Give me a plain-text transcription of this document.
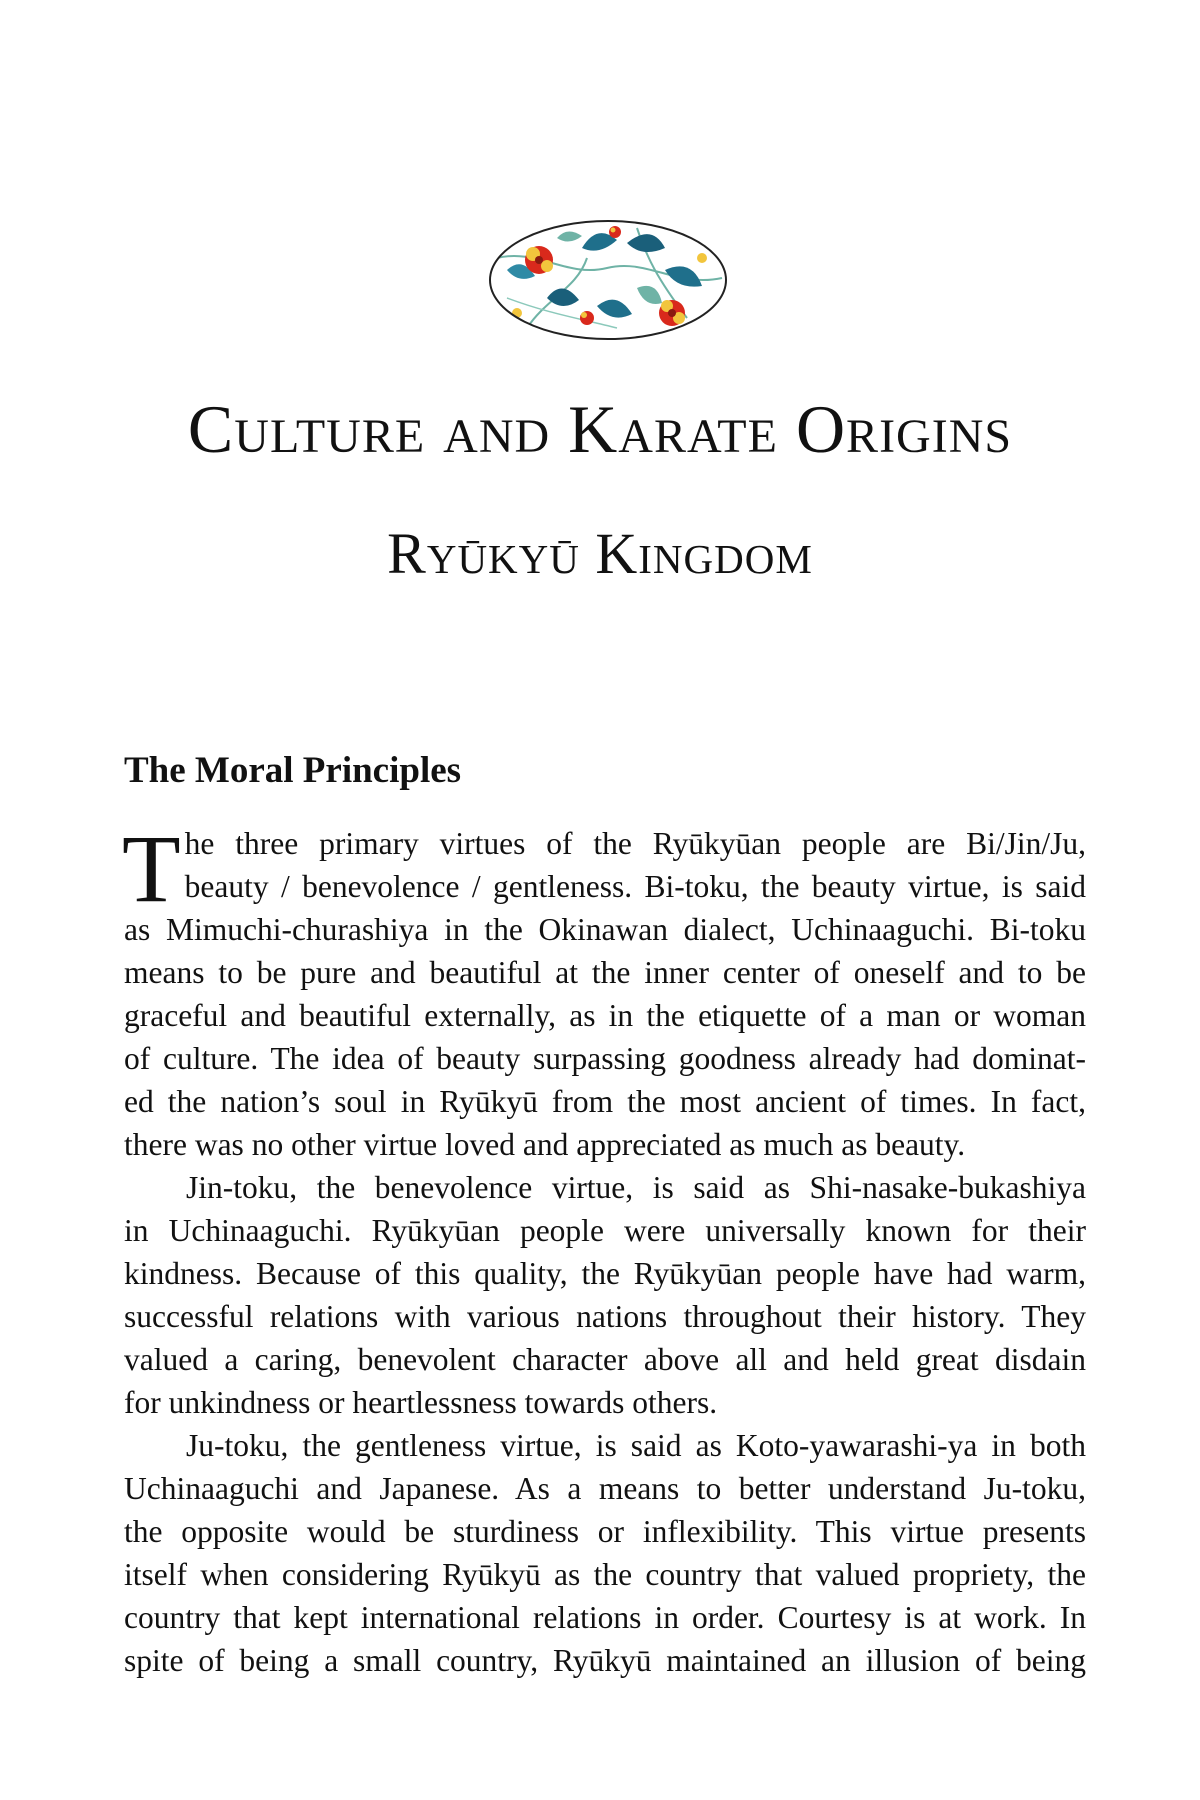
Culture and Karate Origins
Ryūkyū Kingdom
The Moral Principles

T he three primary virtues of the Ryūkyūan people are Bi/Jin/Ju,
beauty / benevolence / gentleness. Bi-toku, the beauty virtue, is said
as Mimuchi-churashiya in the Okinawan dialect, Uchinaaguchi. Bi-toku
means to be pure and beautiful at the inner center of oneself and to be
graceful and beautiful externally, as in the etiquette of a man or woman
of culture. The idea of beauty surpassing goodness already had dominat-
ed the nation’s soul in Ryūkyū from the most ancient of times. In fact,
there was no other virtue loved and appreciated as much as beauty.

Jin-toku, the benevolence virtue, is said as Shi-nasake-bukashiya
in Uchinaaguchi. Ryūkyūan people were universally known for their
kindness. Because of this quality, the Ryūkyūan people have had warm,
successful relations with various nations throughout their history. They
valued a caring, benevolent character above all and held great disdain
for unkindness or heartlessness towards others.

Ju-toku, the gentleness virtue, is said as Koto-yawarashi-ya in both
Uchinaaguchi and Japanese. As a means to better understand Ju-toku,
the opposite would be sturdiness or inflexibility. This virtue presents
itself when considering Ryūkyū as the country that valued propriety, the
country that kept international relations in order. Courtesy is at work. In
spite of being a small country, Ryūkyū maintained an illusion of being
